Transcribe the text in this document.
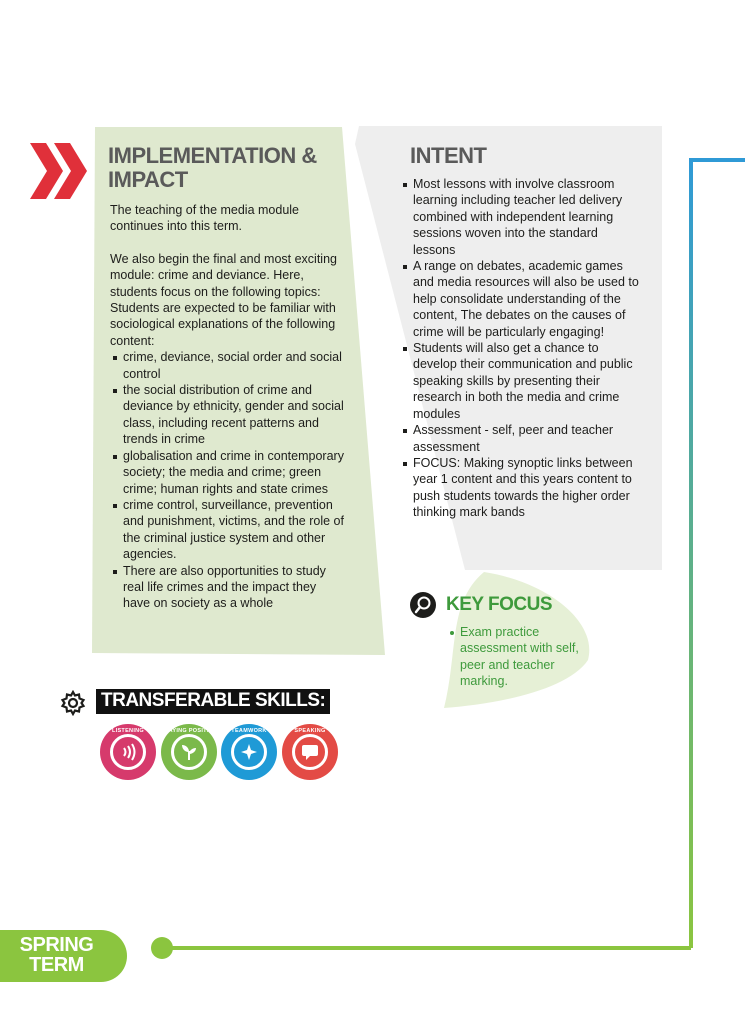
IMPLEMENTATION &
IMPACT
The teaching of the media module continues into this term.
We also begin the final and most exciting module: crime and deviance. Here, students focus on the following topics:
Students are expected to be familiar with sociological explanations of the following content:
crime, deviance, social order and social control
the social distribution of crime and deviance by ethnicity, gender and social class, including recent patterns and trends in crime
globalisation and crime in contemporary society; the media and crime; green crime; human rights and state crimes
crime control, surveillance, prevention and punishment, victims, and the role of the criminal justice system and other agencies.
There are also opportunities to study real life crimes and the impact they have on society as a whole
INTENT
Most lessons with involve classroom learning including teacher led delivery combined with independent learning sessions woven into the standard lessons
A range on debates, academic games and media resources will also be used to help consolidate understanding of the content, The debates on the causes of crime will be particularly engaging!
Students will also get a chance to develop their communication and public speaking skills by presenting their research in both the media and crime modules
Assessment - self, peer and teacher assessment
FOCUS: Making synoptic links between year 1 content and this years content to push students towards the higher order thinking mark bands
KEY FOCUS
Exam practice assessment with self, peer and teacher marking.
TRANSFERABLE SKILLS:
LISTENING	STAYING POSITIVE	TEAMWORK	SPEAKING
SPRING
TERM
